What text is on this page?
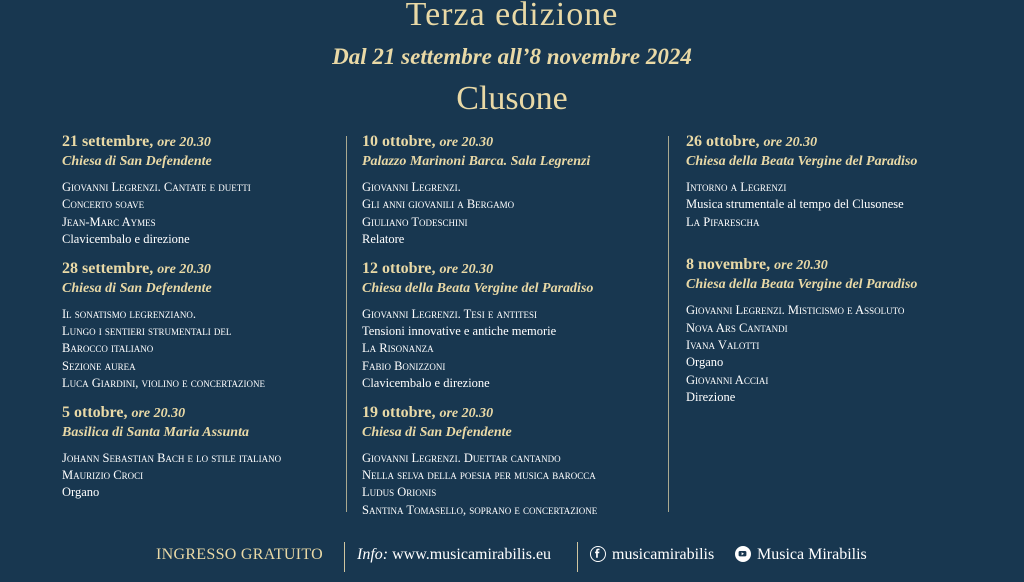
Terza edizione
Dal 21 settembre all’8 novembre 2024
Clusone
21 settembre, ore 20.30
Chiesa di San Defendente
Giovanni Legrenzi. Cantate e duetti
Concerto soave
Jean-Marc Aymes
Clavicembalo e direzione
28 settembre, ore 20.30
Chiesa di San Defendente
Il sonatismo legrenziano.
Lungo i sentieri strumentali del
Barocco italiano
Sezione aurea
Luca Giardini, violino e concertazione
5 ottobre, ore 20.30
Basilica di Santa Maria Assunta
Johann Sebastian Bach e lo stile italiano
Maurizio Croci
Organo
10 ottobre, ore 20.30
Palazzo Marinoni Barca. Sala Legrenzi
Giovanni Legrenzi.
Gli anni giovanili a Bergamo
Giuliano Todeschini
Relatore
12 ottobre, ore 20.30
Chiesa della Beata Vergine del Paradiso
Giovanni Legrenzi. Tesi e antitesi
Tensioni innovative e antiche memorie
La Risonanza
Fabio Bonizzoni
Clavicembalo e direzione
19 ottobre, ore 20.30
Chiesa di San Defendente
Giovanni Legrenzi. Duettar cantando
Nella selva della poesia per musica barocca
Ludus Orionis
Santina Tomasello, soprano e concertazione
26 ottobre, ore 20.30
Chiesa della Beata Vergine del Paradiso
Intorno a Legrenzi
Musica strumentale al tempo del Clusonese
La Pifarescha
8 novembre, ore 20.30
Chiesa della Beata Vergine del Paradiso
Giovanni Legrenzi. Misticismo e Assoluto
Nova Ars Cantandi
Ivana Valotti
Organo
Giovanni Acciai
Direzione
INGRESSO GRATUITO Info: www.musicamirabilis.eu	musicamirabilis	Musica Mirabilis
